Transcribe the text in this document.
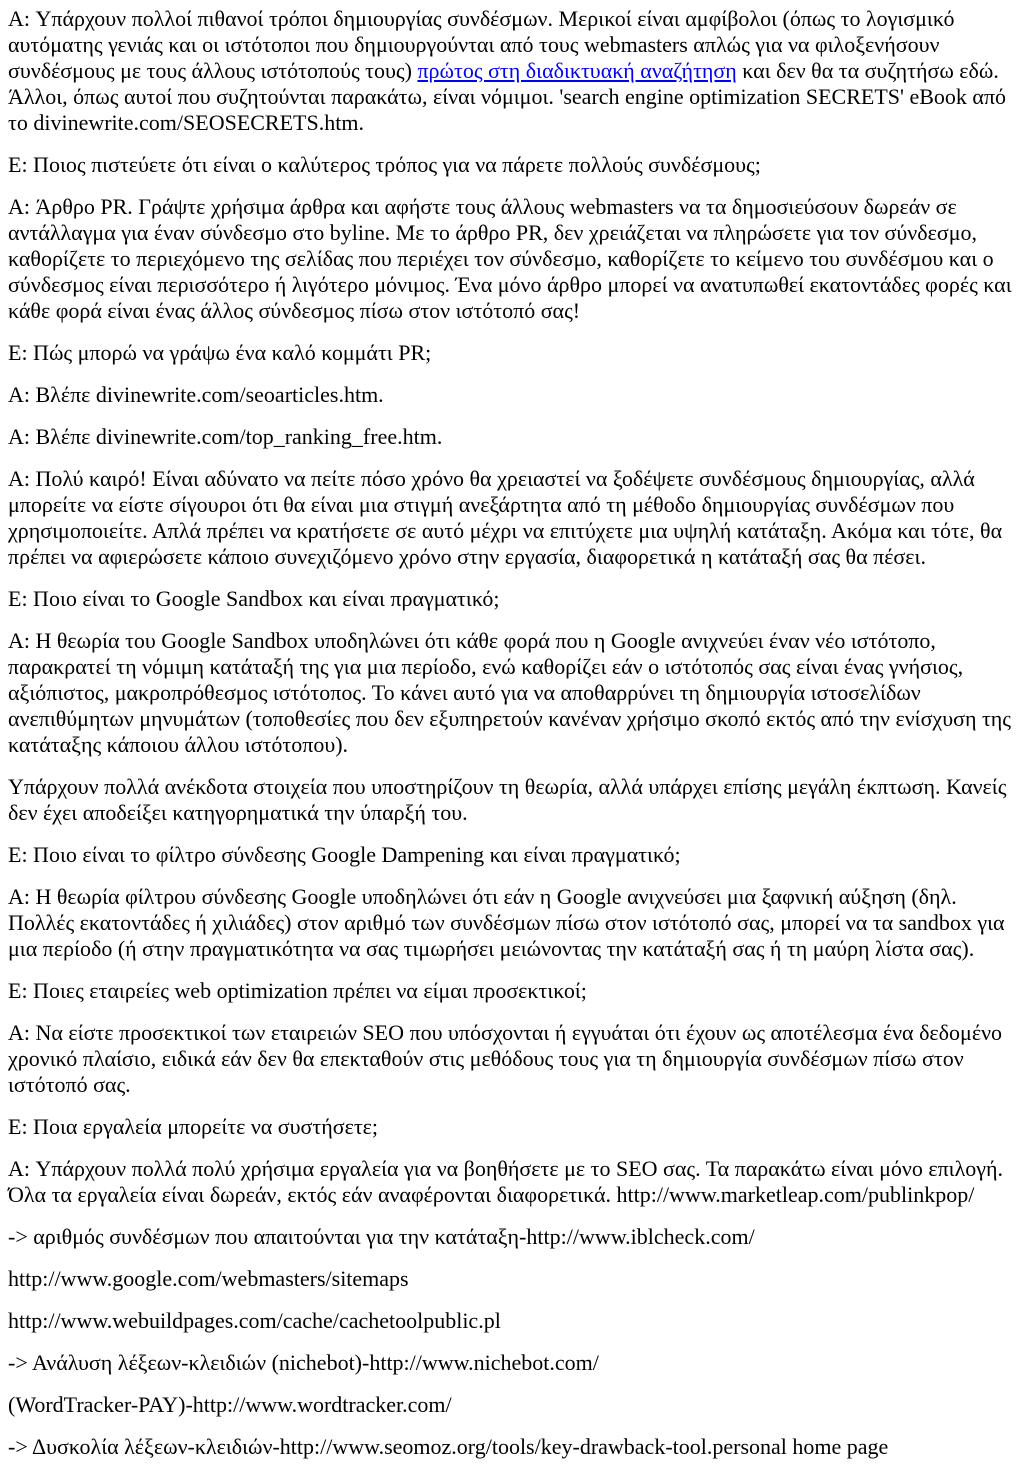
A: Υπάρχουν πολλοί πιθανοί τρόποι δημιουργίας συνδέσμων. Μερικοί είναι αμφίβολοι (όπως το λογισμικό αυτόματης γενιάς και οι ιστότοποι που δημιουργούνται από τους webmasters απλώς για να φιλοξενήσουν συνδέσμους με τους άλλους ιστότοπούς τους) πρώτος στη διαδικτυακή αναζήτηση και δεν θα τα συζητήσω εδώ. Άλλοι, όπως αυτοί που συζητούνται παρακάτω, είναι νόμιμοι. 'search engine optimization SECRETS' eBook από το divinewrite.com/SEOSECRETS.htm.

E: Ποιος πιστεύετε ότι είναι ο καλύτερος τρόπος για να πάρετε πολλούς συνδέσμους;

A: Άρθρο PR. Γράψτε χρήσιμα άρθρα και αφήστε τους άλλους webmasters να τα δημοσιεύσουν δωρεάν σε αντάλλαγμα για έναν σύνδεσμο στο byline. Με το άρθρο PR, δεν χρειάζεται να πληρώσετε για τον σύνδεσμο, καθορίζετε το περιεχόμενο της σελίδας που περιέχει τον σύνδεσμο, καθορίζετε το κείμενο του συνδέσμου και ο σύνδεσμος είναι περισσότερο ή λιγότερο μόνιμος. Ένα μόνο άρθρο μπορεί να ανατυπωθεί εκατοντάδες φορές και κάθε φορά είναι ένας άλλος σύνδεσμος πίσω στον ιστότοπό σας!

E: Πώς μπορώ να γράψω ένα καλό κομμάτι PR;

A: Βλέπε divinewrite.com/seoarticles.htm.

A: Βλέπε divinewrite.com/top_ranking_free.htm.

A: Πολύ καιρό! Είναι αδύνατο να πείτε πόσο χρόνο θα χρειαστεί να ξοδέψετε συνδέσμους δημιουργίας, αλλά μπορείτε να είστε σίγουροι ότι θα είναι μια στιγμή ανεξάρτητα από τη μέθοδο δημιουργίας συνδέσμων που χρησιμοποιείτε. Απλά πρέπει να κρατήσετε σε αυτό μέχρι να επιτύχετε μια υψηλή κατάταξη. Ακόμα και τότε, θα πρέπει να αφιερώσετε κάποιο συνεχιζόμενο χρόνο στην εργασία, διαφορετικά η κατάταξή σας θα πέσει.

E: Ποιο είναι το Google Sandbox και είναι πραγματικό;

A: Η θεωρία του Google Sandbox υποδηλώνει ότι κάθε φορά που η Google ανιχνεύει έναν νέο ιστότοπο, παρακρατεί τη νόμιμη κατάταξή της για μια περίοδο, ενώ καθορίζει εάν ο ιστότοπός σας είναι ένας γνήσιος, αξιόπιστος, μακροπρόθεσμος ιστότοπος. Το κάνει αυτό για να αποθαρρύνει τη δημιουργία ιστοσελίδων ανεπιθύμητων μηνυμάτων (τοποθεσίες που δεν εξυπηρετούν κανέναν χρήσιμο σκοπό εκτός από την ενίσχυση της κατάταξης κάποιου άλλου ιστότοπου).

Υπάρχουν πολλά ανέκδοτα στοιχεία που υποστηρίζουν τη θεωρία, αλλά υπάρχει επίσης μεγάλη έκπτωση. Κανείς δεν έχει αποδείξει κατηγορηματικά την ύπαρξή του.

E: Ποιο είναι το φίλτρο σύνδεσης Google Dampening και είναι πραγματικό;

A: Η θεωρία φίλτρου σύνδεσης Google υποδηλώνει ότι εάν η Google ανιχνεύσει μια ξαφνική αύξηση (δηλ. Πολλές εκατοντάδες ή χιλιάδες) στον αριθμό των συνδέσμων πίσω στον ιστότοπό σας, μπορεί να τα sandbox για μια περίοδο (ή στην πραγματικότητα να σας τιμωρήσει μειώνοντας την κατάταξή σας ή τη μαύρη λίστα σας).

E: Ποιες εταιρείες web optimization πρέπει να είμαι προσεκτικοί;

A: Να είστε προσεκτικοί των εταιρειών SEO που υπόσχονται ή εγγυάται ότι έχουν ως αποτέλεσμα ένα δεδομένο χρονικό πλαίσιο, ειδικά εάν δεν θα επεκταθούν στις μεθόδους τους για τη δημιουργία συνδέσμων πίσω στον ιστότοπό σας.

E: Ποια εργαλεία μπορείτε να συστήσετε;

A: Υπάρχουν πολλά πολύ χρήσιμα εργαλεία για να βοηθήσετε με το SEO σας. Τα παρακάτω είναι μόνο επιλογή. Όλα τα εργαλεία είναι δωρεάν, εκτός εάν αναφέρονται διαφορετικά. http://www.marketleap.com/publinkpop/

-> αριθμός συνδέσμων που απαιτούνται για την κατάταξη-http://www.iblcheck.com/

http://www.google.com/webmasters/sitemaps

http://www.webuildpages.com/cache/cachetoolpublic.pl

-> Ανάλυση λέξεων-κλειδιών (nichebot)-http://www.nichebot.com/

(WordTracker-PAY)-http://www.wordtracker.com/

-> Δυσκολία λέξεων-κλειδιών-http://www.seomoz.org/tools/key-drawback-tool.personal home page
